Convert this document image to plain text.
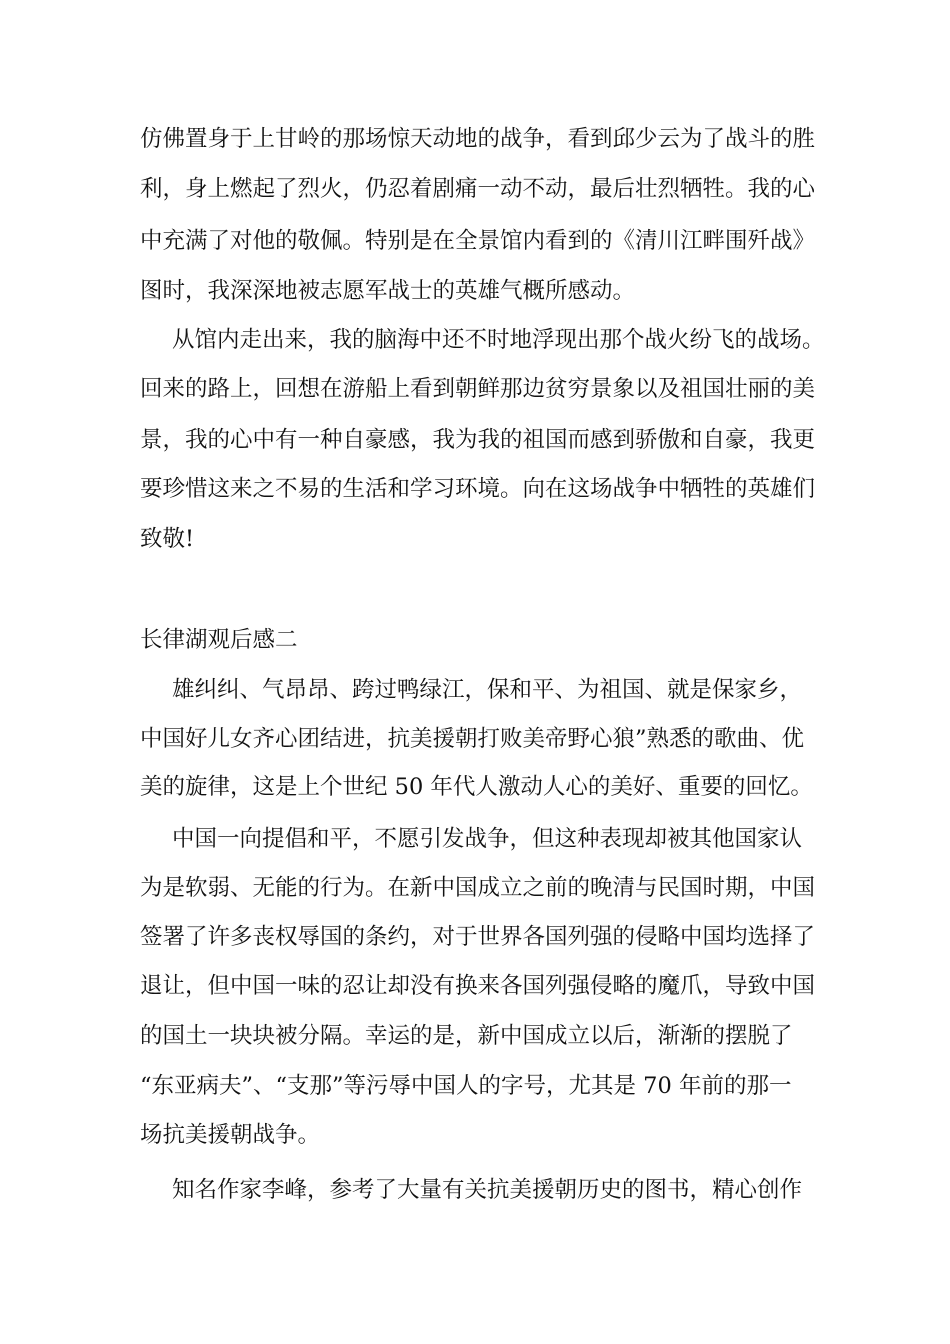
仿佛置身于上甘岭的那场惊天动地的战争，看到邱少云为了战斗的胜
利，身上燃起了烈火，仍忍着剧痛一动不动，最后壮烈牺牲。我的心
中充满了对他的敬佩。特别是在全景馆内看到的《清川江畔围歼战》
图时，我深深地被志愿军战士的英雄气概所感动。
从馆内走出来，我的脑海中还不时地浮现出那个战火纷飞的战场。
回来的路上，回想在游船上看到朝鲜那边贫穷景象以及祖国壮丽的美
景，我的心中有一种自豪感，我为我的祖国而感到骄傲和自豪，我更
要珍惜这来之不易的生活和学习环境。向在这场战争中牺牲的英雄们
致敬!
长律湖观后感二
雄纠纠、气昂昂、跨过鸭绿江，保和平、为祖国、就是保家乡，
中国好儿女齐心团结进，抗美援朝打败美帝野心狼”熟悉的歌曲、优
美的旋律，这是上个世纪 50 年代人激动人心的美好、重要的回忆。
中国一向提倡和平，不愿引发战争，但这种表现却被其他国家认
为是软弱、无能的行为。在新中国成立之前的晚清与民国时期，中国
签署了许多丧权辱国的条约，对于世界各国列强的侵略中国均选择了
退让，但中国一味的忍让却没有换来各国列强侵略的魔爪，导致中国
的国土一块块被分隔。幸运的是，新中国成立以后，渐渐的摆脱了
“东亚病夫”、“支那”等污辱中国人的字号，尤其是 70 年前的那一
场抗美援朝战争。
知名作家李峰，参考了大量有关抗美援朝历史的图书，精心创作
